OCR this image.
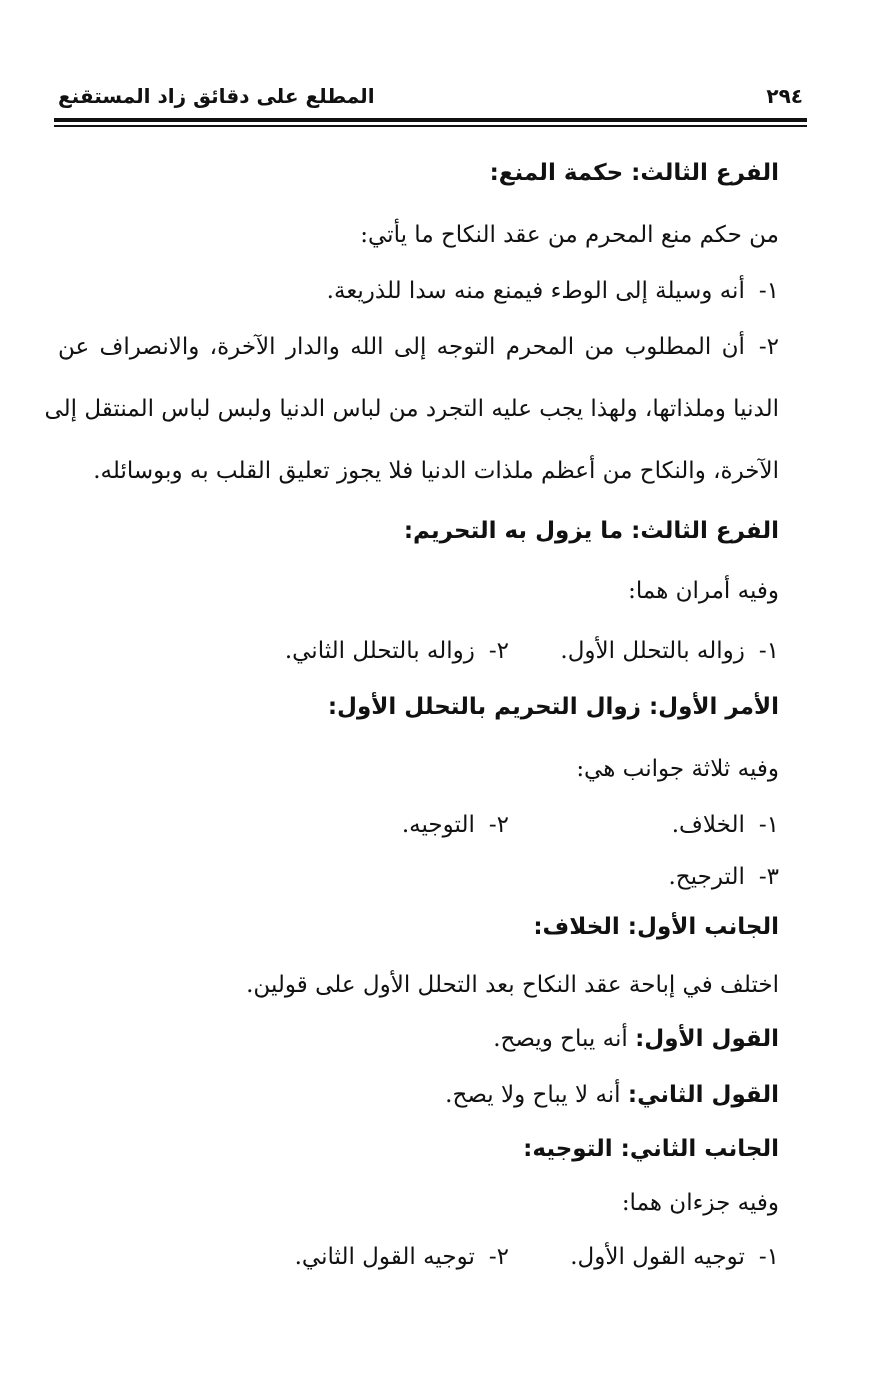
٢٩٤
المطلع على دقائق زاد المستقنع
الفرع الثالث: حكمة المنع:
من حكم منع المحرم من عقد النكاح ما يأتي:
١-أنه وسيلة إلى الوطء فيمنع منه سدا للذريعة.
٢-أن المطلوب من المحرم التوجه إلى الله والدار الآخرة، والانصراف عن
الدنيا وملذاتها، ولهذا يجب عليه التجرد من لباس الدنيا ولبس لباس المنتقل إلى
الآخرة، والنكاح من أعظم ملذات الدنيا فلا يجوز تعليق القلب به وبوسائله.
الفرع الثالث: ما يزول به التحريم:
وفيه أمران هما:
١-زواله بالتحلل الأول.
٢-زواله بالتحلل الثاني.
الأمر الأول: زوال التحريم بالتحلل الأول:
وفيه ثلاثة جوانب هي:
١-الخلاف.
٢-التوجيه.
٣-الترجيح.
الجانب الأول: الخلاف:
اختلف في إباحة عقد النكاح بعد التحلل الأول على قولين.
القول الأول: أنه يباح ويصح.
القول الثاني: أنه لا يباح ولا يصح.
الجانب الثاني: التوجيه:
وفيه جزءان هما:
١-توجيه القول الأول.
٢-توجيه القول الثاني.
